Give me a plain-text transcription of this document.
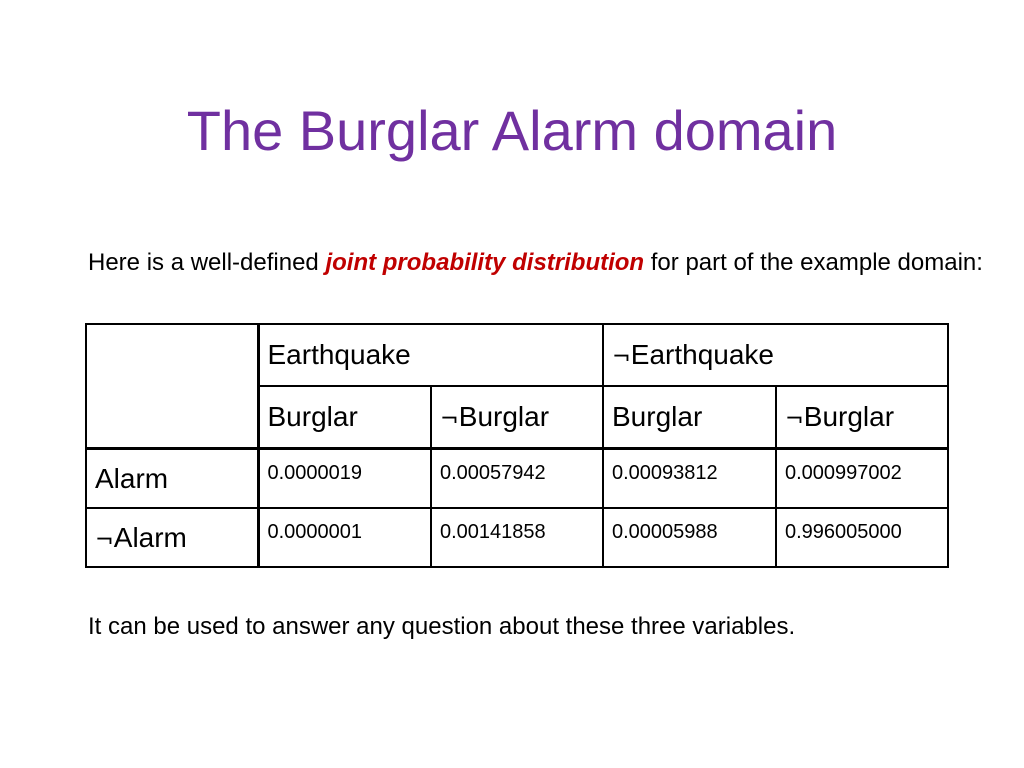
The Burglar Alarm domain

Here is a well-defined joint probability distribution for part of the example domain:

	Earthquake		¬Earthquake	
	Burglar	¬Burglar	Burglar	¬Burglar
Alarm	0.0000019	0.00057942	0.00093812	0.000997002
¬Alarm	0.0000001	0.00141858	0.00005988	0.996005000

It can be used to answer any question about these three variables.
